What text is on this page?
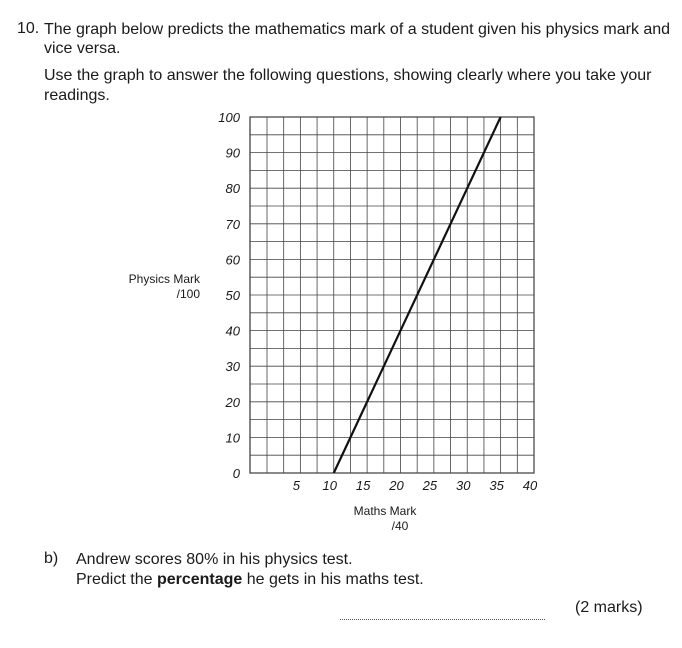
10. The graph below predicts the mathematics mark of a student given his physics mark and vice versa.
Use the graph to answer the following questions, showing clearly where you take your readings.
0
10
20
30
40
50
60
70
80
90
100
5 10 15 20 25 30 35 40
Physics Mark
/100
Maths Mark
/40
b) Andrew scores 80% in his physics test.
Predict the percentage he gets in his maths test.
(2 marks)
